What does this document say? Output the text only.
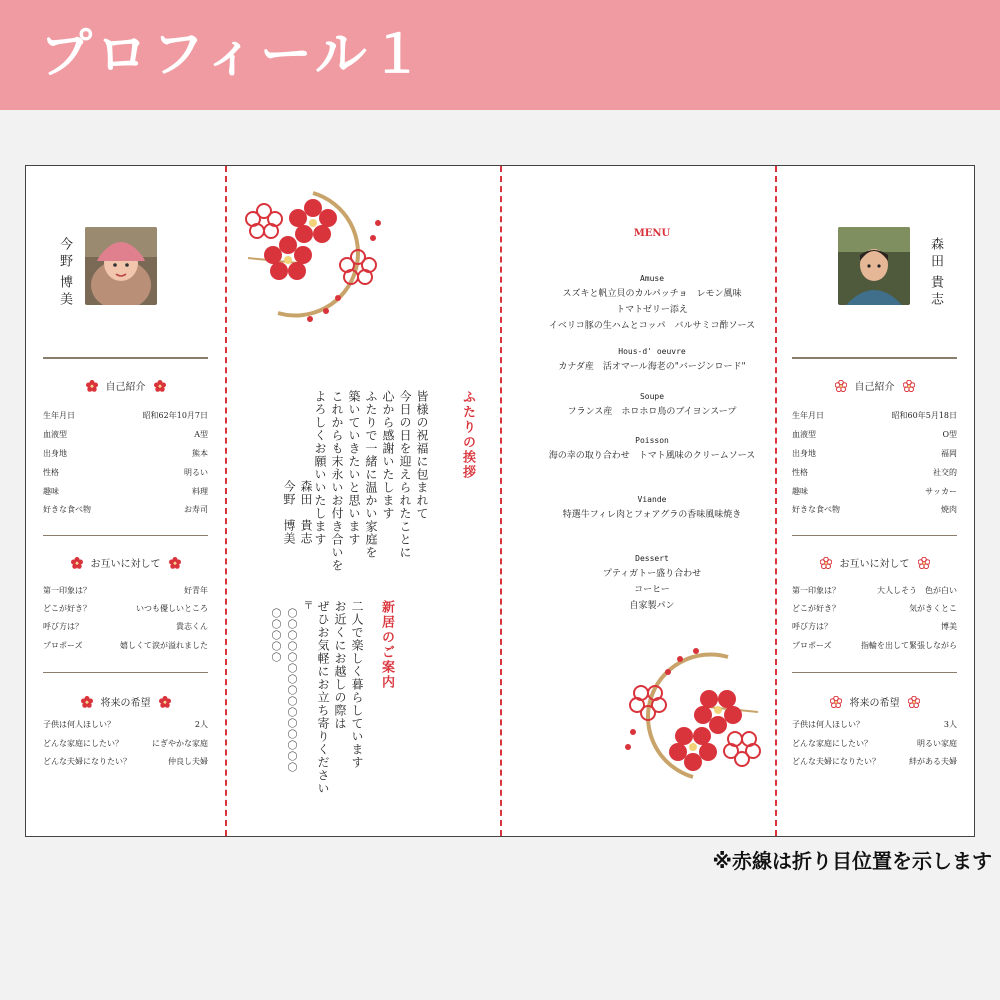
プロフィール１
今野
博美
自己紹介
生年月日	昭和62年10月7日
血液型	A型
出身地	熊本
性格	明るい
趣味	料理
好きな食べ物	お寿司
お互いに対して
第一印象は？	好青年
どこが好き？	いつも優しいところ
呼び方は？	貴志くん
プロポーズ	嬉しくて涙が溢れました
将来の希望
子供は何人ほしい？	2人
どんな家庭にしたい？	にぎやかな家庭
どんな夫婦になりたい？	仲良し夫婦
ふたりの挨拶
皆様の祝福に包まれて
今日の日を迎えられたことに
心から感謝いたします
ふたりで一緒に温かい家庭を
築いていきたいと思います
これからも末永いお付き合いを
よろしくお願いいたします
森田　貴志
今野　博美
新居のご案内
二人で楽しく暮らしています
お近くにお越しの際は
ぜひお気軽にお立ち寄りください
〒
〇〇〇〇〇〇〇〇〇〇〇〇〇〇〇
〇〇〇〇〇
MENU
Amuse
スズキと帆立貝のカルパッチョ　レモン風味
トマトゼリー添え
イベリコ豚の生ハムとコッパ　バルサミコ酢ソース
Hous-d' oeuvre
カナダ産　活オマール海老の"バージンロード"
Soupe
フランス産　ホロホロ鳥のブイヨンスープ
Poisson
海の幸の取り合わせ　トマト風味のクリームソース
Viande
特選牛フィレ肉とフォアグラの香味風味焼き
Dessert
プティガトー盛り合わせ
コーヒー
自家製パン
森田
貴志
自己紹介
生年月日	昭和60年5月18日
血液型	O型
出身地	福岡
性格	社交的
趣味	サッカー
好きな食べ物	焼肉
お互いに対して
第一印象は？	大人しそう　色が白い
どこが好き？	気がきくとこ
呼び方は？	博美
プロポーズ	指輪を出して緊張しながら
将来の希望
子供は何人ほしい？	3人
どんな家庭にしたい？	明るい家庭
どんな夫婦になりたい？	絆がある夫婦
※赤線は折り目位置を示します
